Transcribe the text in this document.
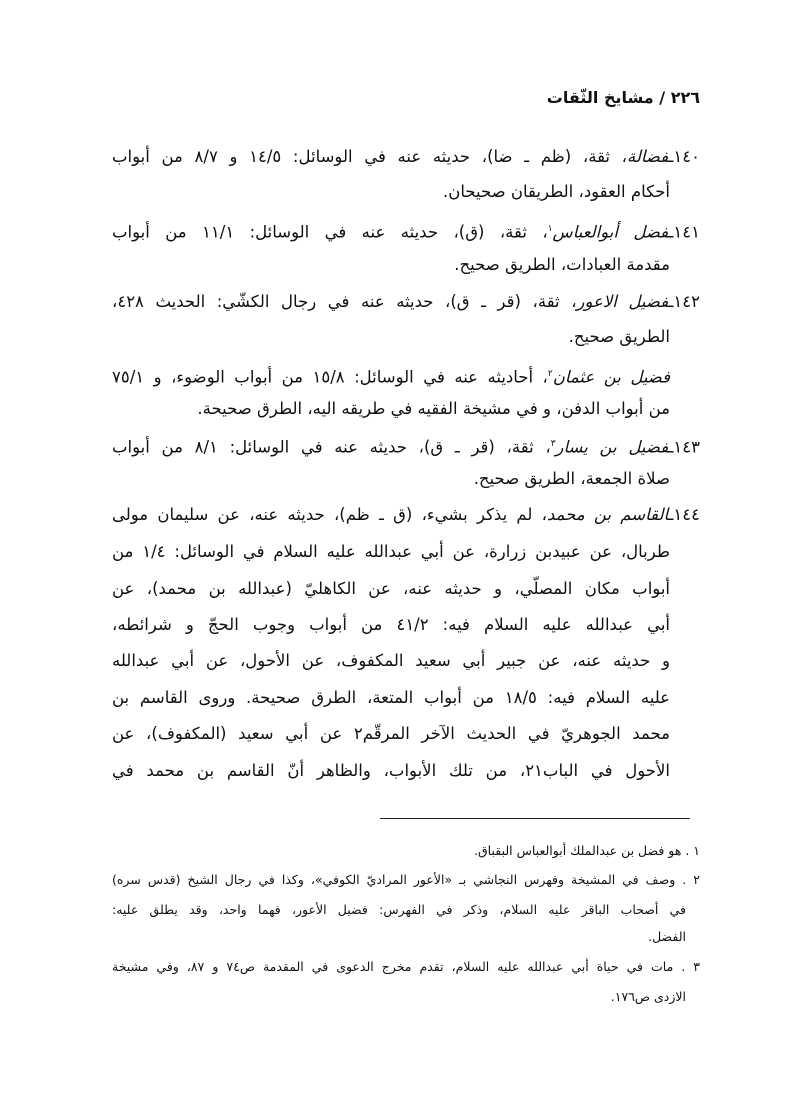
٢٢٦ / مشايخ الثّقات
١٤٠ـفضالة، ثقة، (ظم ـ ضا)، حديثه عنه في الوسائل: ١٤/٥ و ٨/٧ من أبواب
أحكام العقود، الطريقان صحيحان.
١٤١ـفضل أبوالعباس$^١$، ثقة، (ق)، حديثه عنه في الوسائل: ١١/١ من أبواب
مقدمة العبادات، الطريق صحيح.
١٤٢ـفضيل الاعور، ثقة، (قر ـ ق)، حديثه عنه في رجال الكشّي: الحديث ٤٢٨،
الطريق صحيح.
فضيل بن عثمان$^٢$، أحاديثه عنه في الوسائل: ١٥/٨ من أبواب الوضوء، و ٧٥/١
من أبواب الدفن، و في مشيخة الفقيه في طريقه اليه، الطرق صحيحة.
١٤٣ـفضيل بن يسار$^٣$، ثقة، (قر ـ ق)، حديثه عنه في الوسائل: ٨/١ من أبواب
صلاة الجمعة، الطريق صحيح.
١٤٤ـالقاسم بن محمد، لم يذكر بشيء، (ق ـ ظم)، حديثه عنه، عن سليمان مولى
طربال، عن عبيدبن زرارة، عن أبي عبدالله عليه السلام في الوسائل: ١/٤ من
أبواب مكان المصلّي، و حديثه عنه، عن الكاهليّ (عبدالله بن محمد)، عن
أبي عبدالله عليه السلام فيه: ٤١/٢ من أبواب وجوب الحجّ و شرائطه،
و حديثه عنه، عن جبير أبي سعيد المكفوف، عن الأحول، عن أبي عبدالله
عليه السلام فيه: ١٨/٥ من أبواب المتعة، الطرق صحيحة. وروى القاسم بن
محمد الجوهريّ في الحديث الآخر المرقّم٢ عن أبي سعيد (المكفوف)، عن
الأحول في الباب٢١، من تلك الأبواب، والظاهر أنّ القاسم بن محمد في
١ . هو فضل بن عبدالملك أبوالعباس البقباق.
٢ . وصف في المشيخة وفهرس النجاشي بـ «الأعور المراديّ الكوفي»، وكذا في رجال الشيخ (قدس سره)
في أصحاب الباقر عليه السلام، وذكر في الفهرس: فضيل الأعور، فهما واحد، وقد يطلق عليه:
الفضل.
٣ . مات في حياة أبي عبدالله عليه السلام، تقدم مخرج الدعوى في المقدمة ص٧٤ و ٨٧، وفي مشيخة
الازدى ص١٧٦.
